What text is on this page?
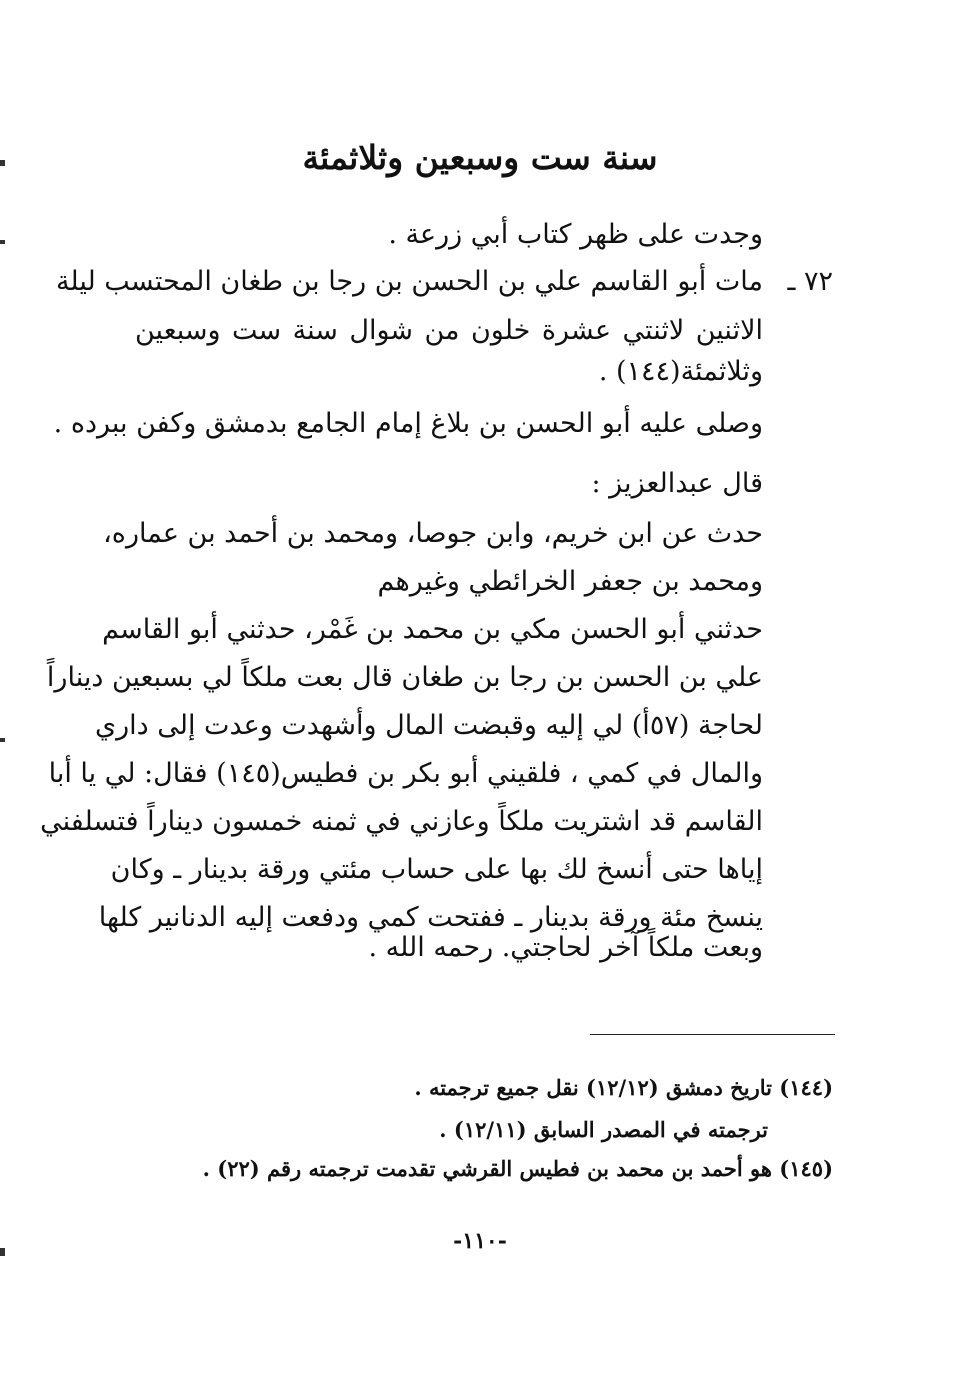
سنة ست وسبعين وثلاثمئة
وجدت على ظهر كتاب أبي زرعة .
٧٢ ـ
مات أبو القاسم علي بن الحسن بن رجا بن طغان المحتسب ليلة
الاثنين لاثنتي عشرة خلون من شوال سنة ست وسبعين
وثلاثمئة(١٤٤) .
وصلى عليه أبو الحسن بن بلاغ إمام الجامع بدمشق وكفن ببرده .
قال عبدالعزيز :
حدث عن ابن خريم، وابن جوصا، ومحمد بن أحمد بن عماره،
ومحمد بن جعفر الخرائطي وغيرهم
حدثني أبو الحسن مكي بن محمد بن غَمْر، حدثني أبو القاسم
علي بن الحسن بن رجا بن طغان قال بعت ملكاً لي بسبعين ديناراً
لحاجة (٥٧أ) لي إليه وقبضت المال وأشهدت وعدت إلى داري
والمال في كمي ، فلقيني أبو بكر بن فطيس(١٤٥) فقال: لي يا أبا
القاسم قد اشتريت ملكاً وعازني في ثمنه خمسون ديناراً فتسلفني
إياها حتى أنسخ لك بها على حساب مئتي ورقة بدينار ـ وكان
ينسخ مئة ورقة بدينار ـ ففتحت كمي ودفعت إليه الدنانير كلها
وبعت ملكاً آخر لحاجتي. رحمه الله .
(١٤٤) تاريخ دمشق (١٢/١٢) نقل جميع ترجمته .
ترجمته في المصدر السابق (١٢/١١) .
(١٤٥) هو أحمد بن محمد بن فطيس القرشي تقدمت ترجمته رقم (٢٢) .
-١١٠-
